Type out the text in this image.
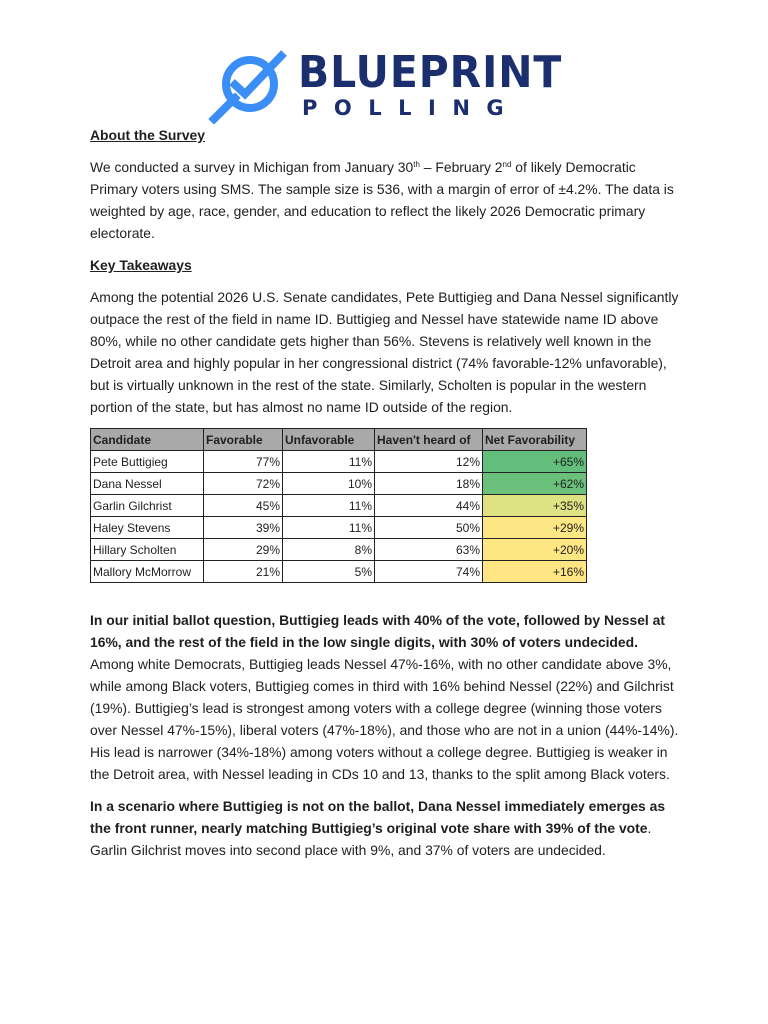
BLUEPRINT
POLLING
About the Survey

We conducted a survey in Michigan from January 30th – February 2nd of likely Democratic Primary voters using SMS. The sample size is 536, with a margin of error of ±4.2%. The data is weighted by age, race, gender, and education to reflect the likely 2026 Democratic primary electorate.

Key Takeaways

Among the potential 2026 U.S. Senate candidates, Pete Buttigieg and Dana Nessel significantly outpace the rest of the field in name ID. Buttigieg and Nessel have statewide name ID above 80%, while no other candidate gets higher than 56%. Stevens is relatively well known in the Detroit area and highly popular in her congressional district (74% favorable-12% unfavorable), but is virtually unknown in the rest of the state. Similarly, Scholten is popular in the western portion of the state, but has almost no name ID outside of the region.

Candidate	Favorable	Unfavorable	Haven't heard of	Net Favorability
Pete Buttigieg	77%	11%	12%	+65%
Dana Nessel	72%	10%	18%	+62%
Garlin Gilchrist	45%	11%	44%	+35%
Haley Stevens	39%	11%	50%	+29%
Hillary Scholten	29%	8%	63%	+20%
Mallory McMorrow	21%	5%	74%	+16%

In our initial ballot question, Buttigieg leads with 40% of the vote, followed by Nessel at 16%, and the rest of the field in the low single digits, with 30% of voters undecided. Among white Democrats, Buttigieg leads Nessel 47%-16%, with no other candidate above 3%, while among Black voters, Buttigieg comes in third with 16% behind Nessel (22%) and Gilchrist (19%). Buttigieg’s lead is strongest among voters with a college degree (winning those voters over Nessel 47%-15%), liberal voters (47%-18%), and those who are not in a union (44%-14%). His lead is narrower (34%-18%) among voters without a college degree. Buttigieg is weaker in the Detroit area, with Nessel leading in CDs 10 and 13, thanks to the split among Black voters.

In a scenario where Buttigieg is not on the ballot, Dana Nessel immediately emerges as the front runner, nearly matching Buttigieg’s original vote share with 39% of the vote. Garlin Gilchrist moves into second place with 9%, and 37% of voters are undecided.
